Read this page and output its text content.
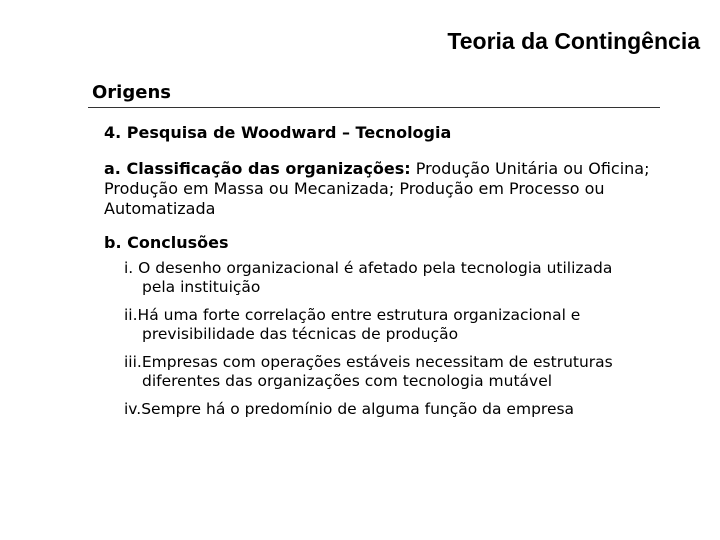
Teoria da Contingência
Origens

4. Pesquisa de Woodward – Tecnologia

a. Classificação das organizações: Produção Unitária ou Oficina; Produção em Massa ou Mecanizada; Produção em Processo ou Automatizada

b. Conclusões

i. O desenho organizacional é afetado pela tecnologia utilizada pela instituição
ii.Há uma forte correlação entre estrutura organizacional e previsibilidade das técnicas de produção
iii.Empresas com operações estáveis necessitam de estruturas diferentes das organizações com tecnologia mutável
iv.Sempre há o predomínio de alguma função da empresa
